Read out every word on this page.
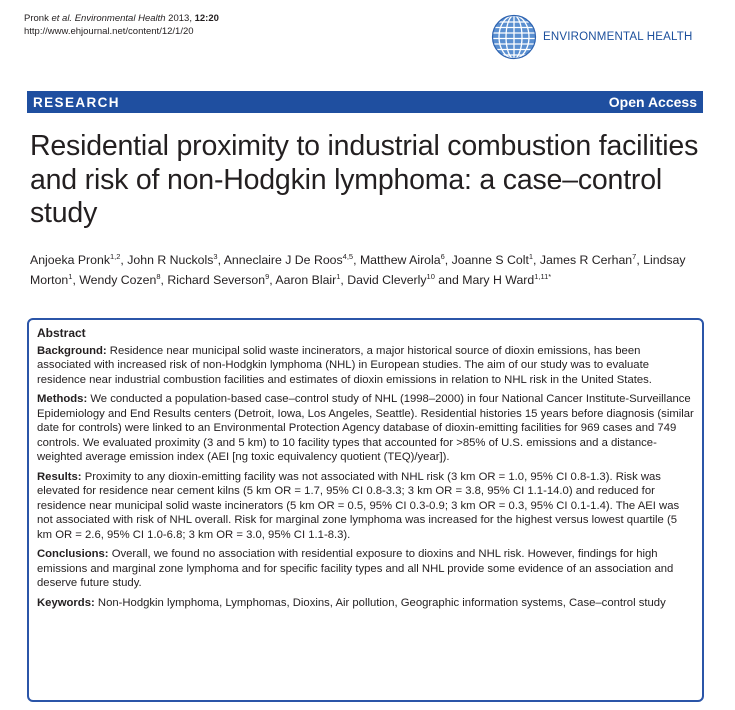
Pronk et al. Environmental Health 2013, 12:20
http://www.ehjournal.net/content/12/1/20	ENVIRONMENTAL HEALTH
RESEARCH	Open Access
Residential proximity to industrial combustion facilities and risk of non-Hodgkin lymphoma: a case–control study
Anjoeka Pronk$^{1,2}$, John R Nuckols$^3$, Anneclaire J De Roos$^{4,5}$, Matthew Airola$^6$, Joanne S Colt$^1$, James R Cerhan$^7$, Lindsay Morton$^1$, Wendy Cozen$^8$, Richard Severson$^9$, Aaron Blair$^1$, David Cleverly$^{10}$ and Mary H Ward$^{1,11*}$
Abstract

Background: Residence near municipal solid waste incinerators, a major historical source of dioxin emissions, has been associated with increased risk of non-Hodgkin lymphoma (NHL) in European studies. The aim of our study was to evaluate residence near industrial combustion facilities and estimates of dioxin emissions in relation to NHL risk in the United States.

Methods: We conducted a population-based case–control study of NHL (1998–2000) in four National Cancer Institute-Surveillance Epidemiology and End Results centers (Detroit, Iowa, Los Angeles, Seattle). Residential histories 15 years before diagnosis (similar date for controls) were linked to an Environmental Protection Agency database of dioxin-emitting facilities for 969 cases and 749 controls. We evaluated proximity (3 and 5 km) to 10 facility types that accounted for >85% of U.S. emissions and a distance-weighted average emission index (AEI [ng toxic equivalency quotient (TEQ)/year]).

Results: Proximity to any dioxin-emitting facility was not associated with NHL risk (3 km OR = 1.0, 95% CI 0.8-1.3). Risk was elevated for residence near cement kilns (5 km OR = 1.7, 95% CI 0.8-3.3; 3 km OR = 3.8, 95% CI 1.1-14.0) and reduced for residence near municipal solid waste incinerators (5 km OR = 0.5, 95% CI 0.3-0.9; 3 km OR = 0.3, 95% CI 0.1-1.4). The AEI was not associated with risk of NHL overall. Risk for marginal zone lymphoma was increased for the highest versus lowest quartile (5 km OR = 2.6, 95% CI 1.0-6.8; 3 km OR = 3.0, 95% CI 1.1-8.3).

Conclusions: Overall, we found no association with residential exposure to dioxins and NHL risk. However, findings for high emissions and marginal zone lymphoma and for specific facility types and all NHL provide some evidence of an association and deserve future study.

Keywords: Non-Hodgkin lymphoma, Lymphomas, Dioxins, Air pollution, Geographic information systems, Case–control study
